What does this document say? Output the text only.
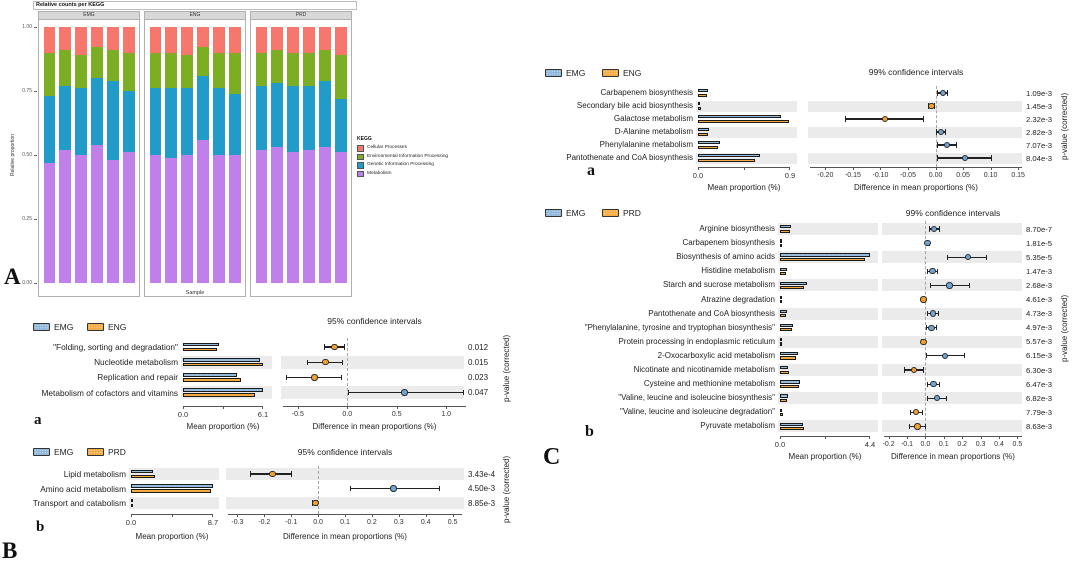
Relative counts per KEGG
EMG	ENG	PRD
1.00
0.75
0.50
0.25
0.00
Relative proportion
Sample
KEGG
Cellular Processes
Environmental Information Processing
Genetic Information Processing
Metabolism
EMG	ENG
95% confidence intervals
"Folding, sorting and degradation"	0.012
Nucleotide metabolism	0.015
Replication and repair	0.023
Metabolism of cofactors and vitamins	0.047
0.0	6.1
Mean proportion (%)
-0.5	0.0	0.5	1.0
Difference in mean proportions (%)
p-value (corrected)
EMG	PRD	95% confidence intervals
Lipid metabolism	3.43e-4
Amino acid metabolism	4.50e-3
Transport and catabolism	8.85e-3
0.0	8.7
Mean proportion (%)
-0.3	-0.2	-0.1	0.0	0.1	0.2	0.3	0.4	0.5
Difference in mean proportions (%)
p-value (corrected)
EMG	ENG	99% confidence intervals
Carbapenem biosynthesis	1.09e-3
Secondary bile acid biosynthesis	1.45e-3
Galactose metabolism	2.32e-3
D-Alanine metabolism	2.82e-3
Phenylalanine metabolism	7.07e-3
Pantothenate and CoA biosynthesis	8.04e-3
0.0	0.9
Mean proportion (%)
-0.20	-0.15	-0.10	-0.05	0.00	0.05	0.10	0.15
Difference in mean proportions (%)
p-value (corrected)
EMG	PRD	99% confidence intervals
Arginine biosynthesis	8.70e-7
Carbapenem biosynthesis	1.81e-5
Biosynthesis of amino acids	5.35e-5
Histidine metabolism	1.47e-3
Starch and sucrose metabolism	2.68e-3
Atrazine degradation	4.61e-3
Pantothenate and CoA biosynthesis	4.73e-3
"Phenylalanine, tyrosine and tryptophan biosynthesis"	4.97e-3
Protein processing in endoplasmic reticulum	5.57e-3
2-Oxocarboxylic acid metabolism	6.15e-3
Nicotinate and nicotinamide metabolism	6.30e-3
Cysteine and methionine metabolism	6.47e-3
"Valine, leucine and isoleucine biosynthesis"	6.82e-3
"Valine, leucine and isoleucine degradation"	7.79e-3
Pyruvate metabolism	8.63e-3
0.0	4.4
Mean proportion (%)
-0.2 -0.1	0.0	0.1	0.2	0.3	0.4	0.5
Difference in mean proportions (%)
p-value (corrected)
A
B
C
a
b
a
b
